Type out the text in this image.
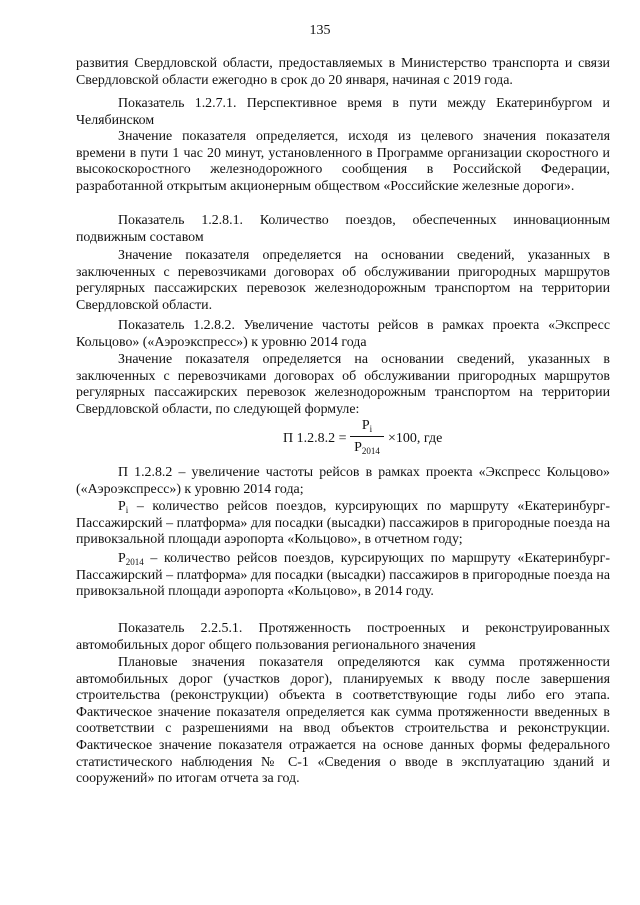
135

развития Свердловской области, предоставляемых в Министерство транспорта и связи Свердловской области ежегодно в срок до 20 января, начиная с 2019 года.

Показатель 1.2.7.1. Перспективное время в пути между Екатеринбургом и Челябинском

Значение показателя определяется, исходя из целевого значения показателя времени в пути 1 час 20 минут, установленного в Программе организации скоростного и высокоскоростного железнодорожного сообщения в Российской Федерации, разработанной открытым акционерным обществом «Российские железные дороги».

Показатель 1.2.8.1. Количество поездов, обеспеченных инновационным подвижным составом

Значение показателя определяется на основании сведений, указанных в заключенных с перевозчиками договорах об обслуживании пригородных маршрутов регулярных пассажирских перевозок железнодорожным транспортом на территории Свердловской области.

Показатель 1.2.8.2. Увеличение частоты рейсов в рамках проекта «Экспресс Кольцово» («Аэроэкспресс») к уровню 2014 года

Значение показателя определяется на основании сведений, указанных в заключенных с перевозчиками договорах об обслуживании пригородных маршрутов регулярных пассажирских перевозок железнодорожным транспортом на территории Свердловской области, по следующей формуле:

П 1.2.8.2 =
$P_i$
$P_{2014}$
×100, где

П 1.2.8.2 – увеличение частоты рейсов в рамках проекта «Экспресс Кольцово» («Аэроэкспресс») к уровню 2014 года;

$P_i$ – количество рейсов поездов, курсирующих по маршруту «Екатеринбург-Пассажирский – платформа» для посадки (высадки) пассажиров в пригородные поезда на привокзальной площади аэропорта «Кольцово», в отчетном году;

$P_{2014}$ – количество рейсов поездов, курсирующих по маршруту «Екатеринбург-Пассажирский – платформа» для посадки (высадки) пассажиров в пригородные поезда на привокзальной площади аэропорта «Кольцово», в 2014 году.

Показатель 2.2.5.1. Протяженность построенных и реконструированных автомобильных дорог общего пользования регионального значения

Плановые значения показателя определяются как сумма протяженности автомобильных дорог (участков дорог), планируемых к вводу после завершения строительства (реконструкции) объекта в соответствующие годы либо его этапа. Фактическое значение показателя определяется как сумма протяженности введенных в соответствии с разрешениями на ввод объектов строительства и реконструкции. Фактическое значение показателя отражается на основе данных формы федерального статистического наблюдения № С-1 «Сведения о вводе в эксплуатацию зданий и сооружений» по итогам отчета за год.
